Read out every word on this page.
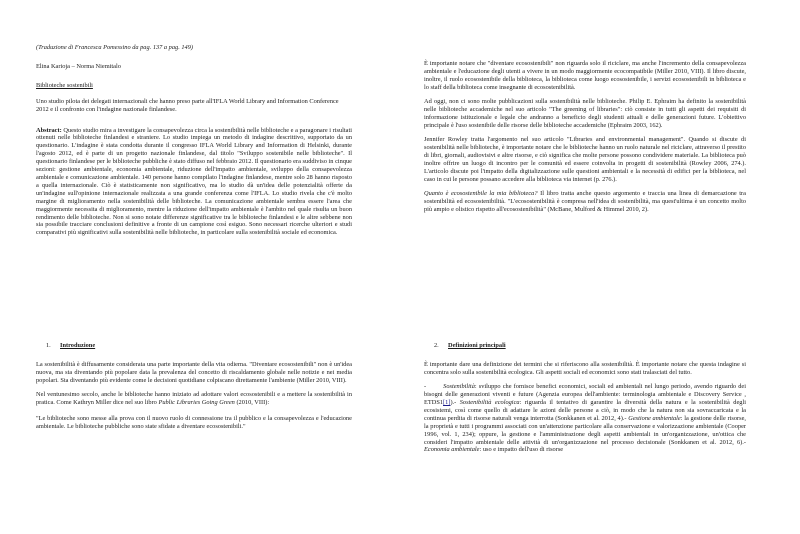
(Traduzione di Francesca Pomessino da pag. 137 a pag. 149)

Elina Karioja – Norma Niemitalo

Biblioteche sostenibili

Uno studio pilota dei delegati internazionali che hanno preso parte all'IFLA World Library and Information Conference 2012 e il confronto con l'indagine nazionale finlandese.

Abstract: Questo studio mira a investigare la consapevolezza circa la sostenibilità nelle biblioteche e a paragonare i risultati ottenuti nelle biblioteche finlandesi e straniere. Lo studio impiega un metodo di indagine descrittivo, supportato da un questionario. L'indagine è stata condotta durante il congresso IFLA World Library and Information di Helsinki, durante l'agosto 2012, ed è parte di un progetto nazionale finlandese, dal titolo "Sviluppo sostenibile nelle biblioteche". Il questionario finlandese per le biblioteche pubbliche è stato diffuso nel febbraio 2012. Il questionario era suddiviso in cinque sezioni: gestione ambientale, economia ambientale, riduzione dell'impatto ambientale, sviluppo della consapevolezza ambientale e comunicazione ambientale. 140 persone hanno compilato l'indagine finlandese, mentre solo 28 hanno risposto a quella internazionale. Ciò è statisticamente non significativo, ma lo studio dà un'idea delle potenzialità offerte da un'indagine sull'opinione internazionale realizzata a una grande conferenza come l'IFLA. Lo studio rivela che c'è molto margine di miglioramento nella sostenibilità delle biblioteche. La comunicazione ambientale sembra essere l'area che maggiormente necessita di miglioramento, mentre la riduzione dell'impatto ambientale è l'ambito nel quale risulta un buon rendimento delle biblioteche. Non si sono notate differenze significative tra le biblioteche finlandesi e le altre sebbene non sia possibile tracciare conclusioni definitive a fronte di un campione così esiguo. Sono necessari ricerche ulteriori e studi comparativi più significativi sulla sostenibilità nelle biblioteche, in particolare sulla sostenibilità sociale ed economica.

È importante notare che "diventare ecosostenibili" non riguarda solo il riciclare, ma anche l'incremento della consapevolezza ambientale e l'educazione degli utenti a vivere in un modo maggiormente ecocompatibile (Miller 2010, VIII). Il libro discute, inoltre, il ruolo ecosostenibile della biblioteca, la biblioteca come luogo ecosostenibile, i servizi ecosostenibili in biblioteca e lo staff della biblioteca come insegnante di ecosostenibilità.

Ad oggi, non ci sono molte pubblicazioni sulla sostenibilità nelle biblioteche. Philip E. Ephraim ha definito la sostenibilità nelle biblioteche accademiche nel suo articolo "The greening of libraries": ciò consiste in tutti gli aspetti dei requisiti di informazione istituzionale e legale che andranno a beneficio degli studenti attuali e delle generazioni future. L'obiettivo principale è l'uso sostenibile delle risorse delle biblioteche accademiche (Ephraim 2003, 162).

Jennifer Rowley tratta l'argomento nel suo articolo "Libraries and environmental management". Quando si discute di sostenibilità nelle biblioteche, è importante notare che le biblioteche hanno un ruolo naturale nel riciclare, attraverso il prestito di libri, giornali, audiovisivi e altre risorse, e ciò significa che molte persone possono condividere materiale. La biblioteca può inoltre offrire un luogo di incontro per le comunità ed essere coinvolta in progetti di sostenibilità (Rowley 2006, 274.). L'articolo discute poi l'impatto della digitalizzazione sulle questioni ambientali e la necessità di edifici per la biblioteca, nel caso in cui le persone possano accedere alla biblioteca via internet (p. 276.).

Quanto è ecosostenibile la mia biblioteca? Il libro tratta anche questo argomento e traccia una linea di demarcazione tra sostenibilità ed ecosostenibilità. "L'ecosostenibilità è compresa nell'idea di sostenibilità, ma quest'ultima è un concetto molto più ampio e olistico rispetto all'ecosostenibilità" (McBane, Mulford & Himmel 2010, 2).

1. Introduzione

La sostenibilità è diffusamente considerata una parte importante della vita odierna. "Diventare ecosostenibili" non è un'idea nuova, ma sta diventando più popolare data la prevalenza del concetto di riscaldamento globale nelle notizie e nei media popolari. Sta diventando più evidente come le decisioni quotidiane colpiscano direttamente l'ambiente (Miller 2010, VIII).

Nel ventunesimo secolo, anche le biblioteche hanno iniziato ad adottare valori ecosostenibili e a mettere la sostenibilità in pratica. Come Kathryn Miller dice nel suo libro Public Libraries Going Green (2010, VIII):

"Le biblioteche sono messe alla prova con il nuovo ruolo di connessione tra il pubblico e la consapevolezza e l'educazione ambientale. Le biblioteche pubbliche sono state sfidate a diventare ecosostenibili."

2. Definizioni principali

È importante dare una definizione dei termini che si riferiscono alla sostenibilità. È importante notare che questa indagine si concentra solo sulla sostenibilità ecologica. Gli aspetti sociali ed economici sono stati tralasciati del tutto.

-        Sostenibilità: sviluppo che fornisce benefici economici, sociali ed ambientali nel lungo periodo, avendo riguardo dei bisogni delle generazioni viventi e future (Agenzia europea dell'ambiente: terminologia ambientale e Discovery Service , ETDS1[1]).- Sostenibilità ecologica: riguarda il tentativo di garantire la diversità della natura e la sostenibilità degli ecosistemi, così come quello di adattare le azioni delle persone a ciò, in modo che la natura non sia sovraccaricata e la continua perdita di risorse naturali venga interrotta (Sonkkanen et al. 2012, 4).- Gestione ambientale: la gestione delle risorse, la proprietà e tutti i programmi associati con un'attenzione particolare alla conservazione e valorizzazione ambientale (Cooper 1996, vol. 1, 234); oppure, la gestione e l'amministrazione degli aspetti ambientali in un'organizzazione, un'ottica che consideri l'impatto ambientale delle attività di un'organizzazione nel processo decisionale (Sonkkanen et al. 2012, 6).- Economia ambientale: uso e impatto dell'uso di risorse
